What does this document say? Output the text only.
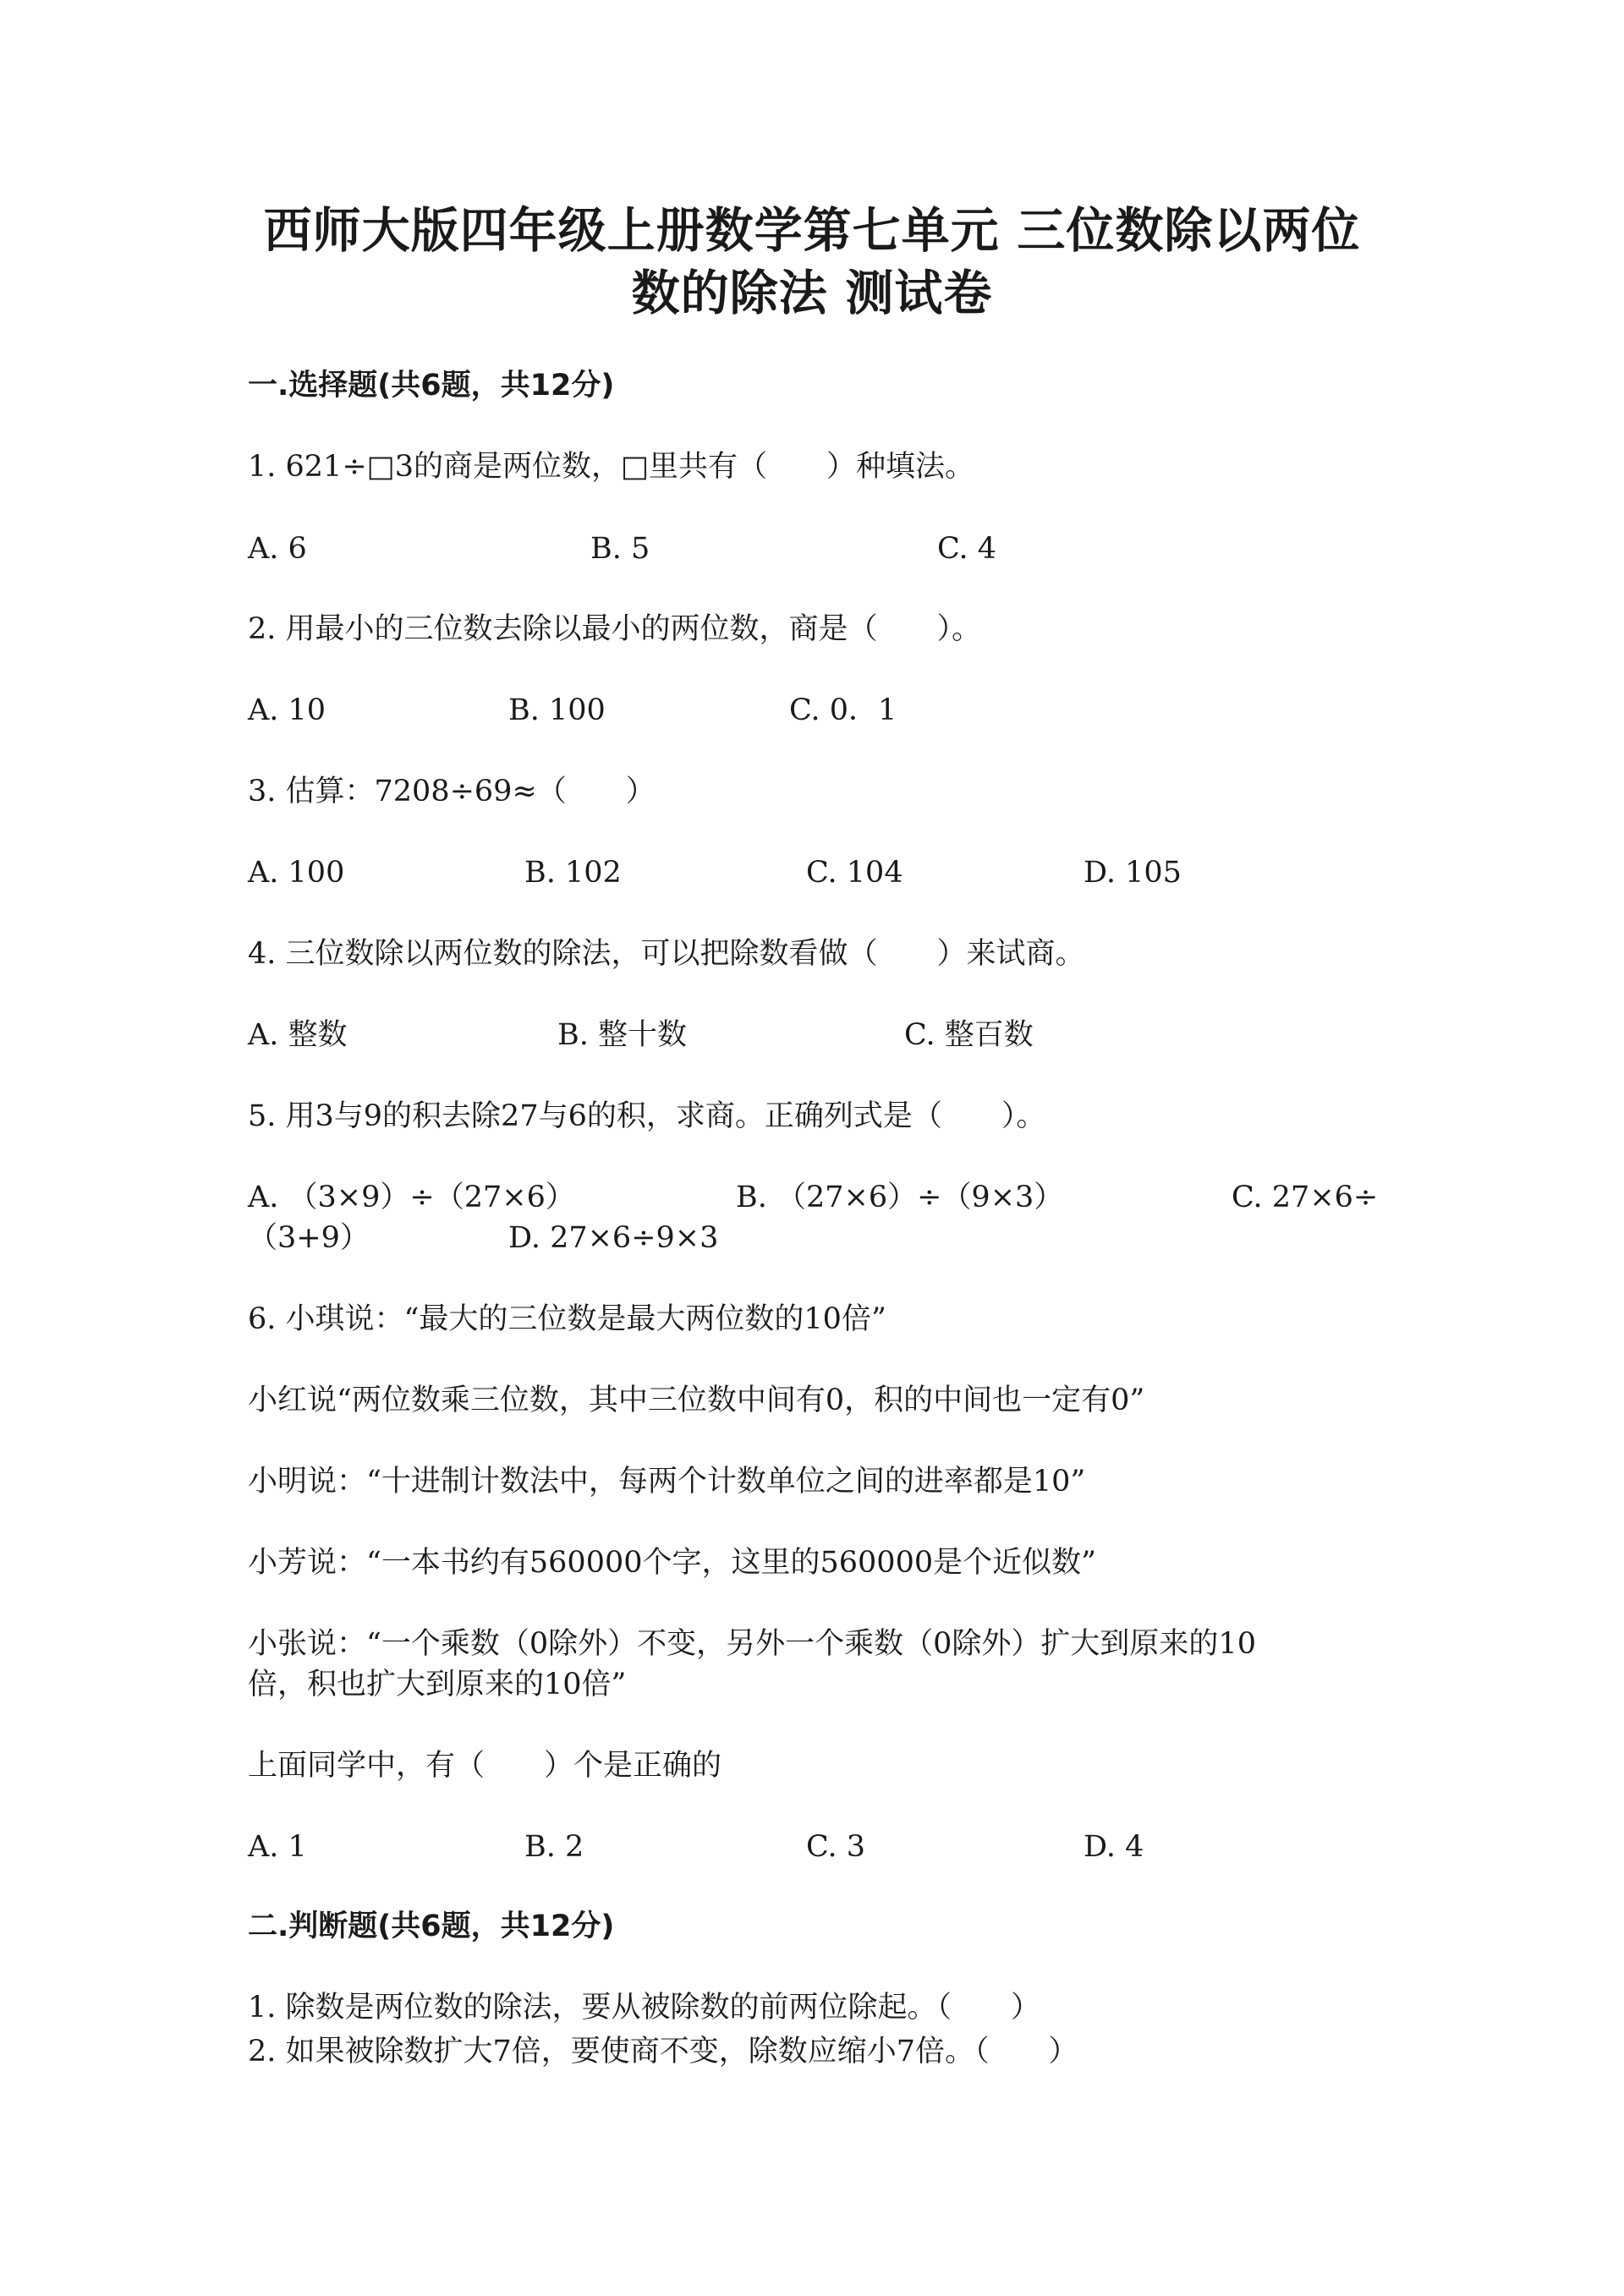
西师大版四年级上册数学第七单元 三位数除以两位
数的除法 测试卷
一.选择题(共6题，共12分)
1. 621÷□3的商是两位数，□里共有（　　）种填法。
A. 6	B. 5	C. 4
2. 用最小的三位数去除以最小的两位数，商是（　　）。
A. 10	B. 100	C. 0．1
3. 估算：7208÷69≈（　　）
A. 100	B. 102	C. 104	D. 105
4. 三位数除以两位数的除法，可以把除数看做（　　）来试商。
A. 整数	B. 整十数	C. 整百数
5. 用3与9的积去除27与6的积，求商。正确列式是（　　）。
A. （3×9）÷（27×6）	B. （27×6）÷（9×3）	C. 27×6÷
（3+9）	D. 27×6÷9×3
6. 小琪说：“最大的三位数是最大两位数的10倍”
小红说“两位数乘三位数，其中三位数中间有0，积的中间也一定有0”
小明说：“十进制计数法中，每两个计数单位之间的进率都是10”
小芳说：“一本书约有560000个字，这里的560000是个近似数”
小张说：“一个乘数（0除外）不变，另外一个乘数（0除外）扩大到原来的10
倍，积也扩大到原来的10倍”
上面同学中，有（　　）个是正确的
A. 1	B. 2	C. 3	D. 4
二.判断题(共6题，共12分)
1. 除数是两位数的除法，要从被除数的前两位除起。（　　）
2. 如果被除数扩大7倍，要使商不变，除数应缩小7倍。（　　）
